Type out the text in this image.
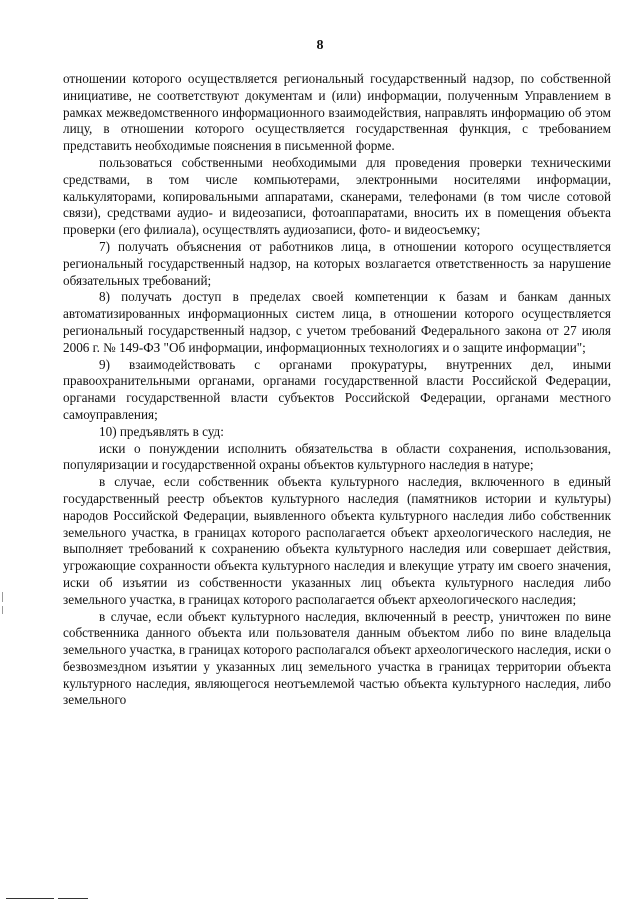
8

отношении которого осуществляется региональный государственный надзор, по собственной инициативе, не соответствуют документам и (или) информации, полученным Управлением в рамках межведомственного информационного взаимодействия, направлять информацию об этом лицу, в отношении которого осуществляется государственная функция, с требованием представить необходимые пояснения в письменной форме.

пользоваться собственными необходимыми для проведения проверки техническими средствами, в том числе компьютерами, электронными носителями информации, калькуляторами, копировальными аппаратами, сканерами, телефонами (в том числе сотовой связи), средствами аудио- и видеозаписи, фотоаппаратами, вносить их в помещения объекта проверки (его филиала), осуществлять аудиозаписи, фото- и видеосъемку;

7) получать объяснения от работников лица, в отношении которого осуществляется региональный государственный надзор, на которых возлагается ответственность за нарушение обязательных требований;

8) получать доступ в пределах своей компетенции к базам и банкам данных автоматизированных информационных систем лица, в отношении которого осуществляется региональный государственный надзор, с учетом требований Федерального закона от 27 июля 2006 г. № 149-ФЗ "Об информации, информационных технологиях и о защите информации";

9) взаимодействовать с органами прокуратуры, внутренних дел, иными правоохранительными органами, органами государственной власти Российской Федерации, органами государственной власти субъектов Российской Федерации, органами местного самоуправления;

10) предъявлять в суд:

иски о понуждении исполнить обязательства в области сохранения, использования, популяризации и государственной охраны объектов культурного наследия в натуре;

в случае, если собственник объекта культурного наследия, включенного в единый государственный реестр объектов культурного наследия (памятников истории и культуры) народов Российской Федерации, выявленного объекта культурного наследия либо собственник земельного участка, в границах которого располагается объект археологического наследия, не выполняет требований к сохранению объекта культурного наследия или совершает действия, угрожающие сохранности объекта культурного наследия и влекущие утрату им своего значения, иски об изъятии из собственности указанных лиц объекта культурного наследия либо земельного участка, в границах которого располагается объект археологического наследия;

в случае, если объект культурного наследия, включенный в реестр, уничтожен по вине собственника данного объекта или пользователя данным объектом либо по вине владельца земельного участка, в границах которого располагался объект археологического наследия, иски о безвозмездном изъятии у указанных лиц земельного участка в границах территории объекта культурного наследия, являющегося неотъемлемой частью объекта культурного наследия, либо земельного
